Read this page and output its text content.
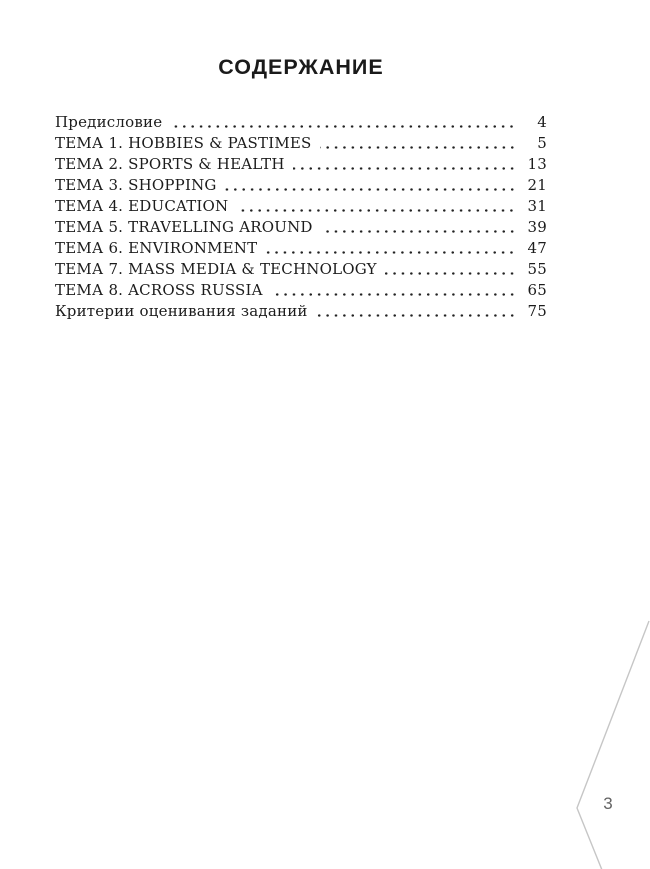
СОДЕРЖАНИЕ
Предисловие	4
ТЕМА 1. HOBBIES & PASTIMES	5
ТЕМА 2. SPORTS & HEALTH	13
ТЕМА 3. SHOPPING	21
ТЕМА 4. EDUCATION	31
ТЕМА 5. TRAVELLING AROUND	39
ТЕМА 6. ENVIRONMENT	47
ТЕМА 7. MASS MEDIA & TECHNOLOGY	55
ТЕМА 8. ACROSS RUSSIA	65
Критерии оценивания заданий	75
3
